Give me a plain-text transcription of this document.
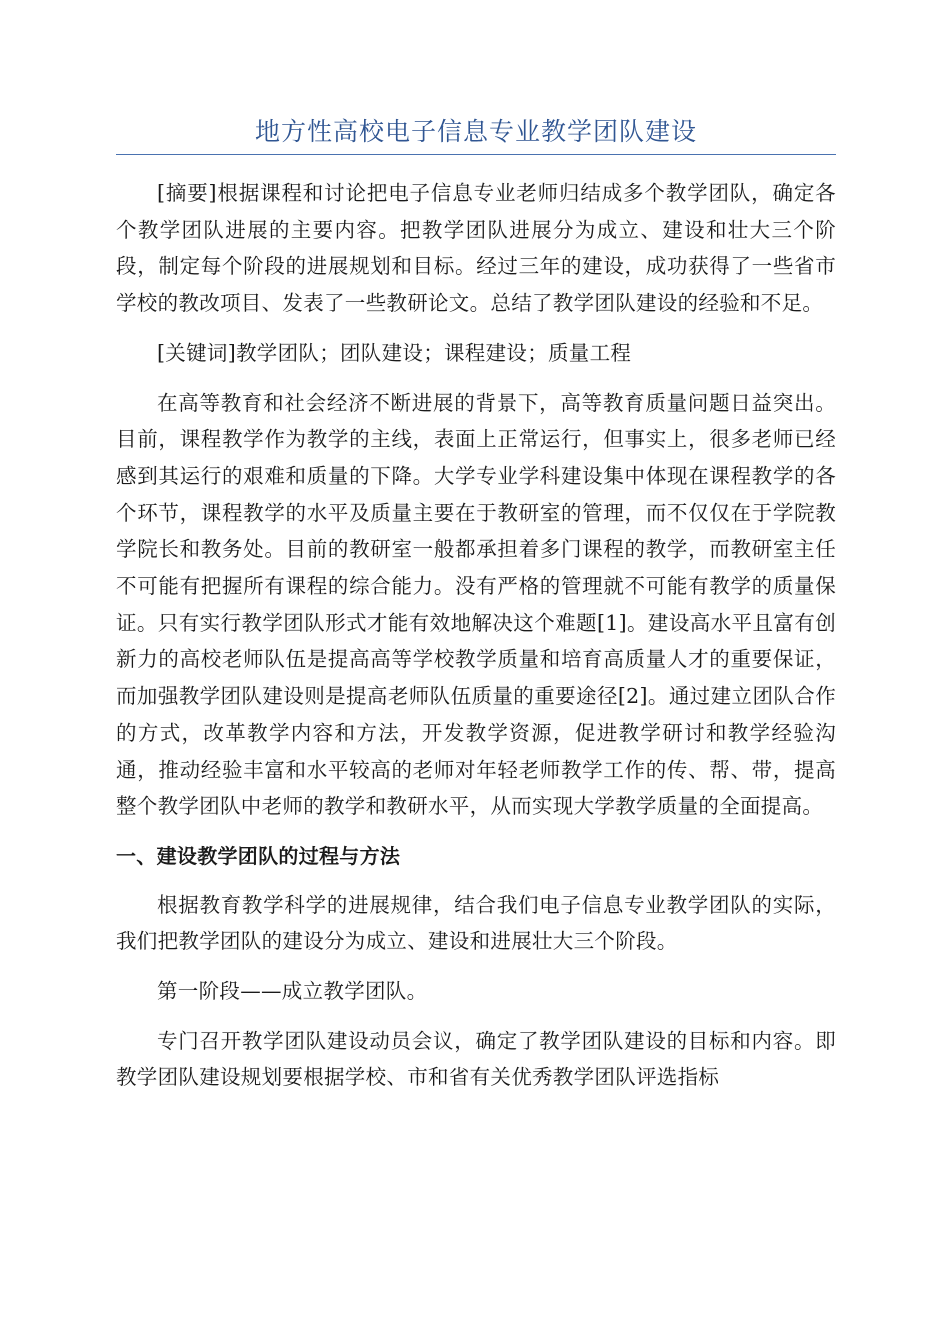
地方性高校电子信息专业教学团队建设

[摘要]根据课程和讨论把电子信息专业老师归结成多个教学团队，确定各个教学团队进展的主要内容。把教学团队进展分为成立、建设和壮大三个阶段，制定每个阶段的进展规划和目标。经过三年的建设，成功获得了一些省市学校的教改项目、发表了一些教研论文。总结了教学团队建设的经验和不足。

[关键词]教学团队；团队建设；课程建设；质量工程

在高等教育和社会经济不断进展的背景下，高等教育质量问题日益突出。目前，课程教学作为教学的主线，表面上正常运行，但事实上，很多老师已经感到其运行的艰难和质量的下降。大学专业学科建设集中体现在课程教学的各个环节，课程教学的水平及质量主要在于教研室的管理，而不仅仅在于学院教学院长和教务处。目前的教研室一般都承担着多门课程的教学，而教研室主任不可能有把握所有课程的综合能力。没有严格的管理就不可能有教学的质量保证。只有实行教学团队形式才能有效地解决这个难题[1]。建设高水平且富有创新力的高校老师队伍是提高高等学校教学质量和培育高质量人才的重要保证，而加强教学团队建设则是提高老师队伍质量的重要途径[2]。通过建立团队合作的方式，改革教学内容和方法，开发教学资源，促进教学研讨和教学经验沟通，推动经验丰富和水平较高的老师对年轻老师教学工作的传、帮、带，提高整个教学团队中老师的教学和教研水平，从而实现大学教学质量的全面提高。

一、建设教学团队的过程与方法

根据教育教学科学的进展规律，结合我们电子信息专业教学团队的实际，我们把教学团队的建设分为成立、建设和进展壮大三个阶段。

第一阶段——成立教学团队。

专门召开教学团队建设动员会议，确定了教学团队建设的目标和内容。即教学团队建设规划要根据学校、市和省有关优秀教学团队评选指标
